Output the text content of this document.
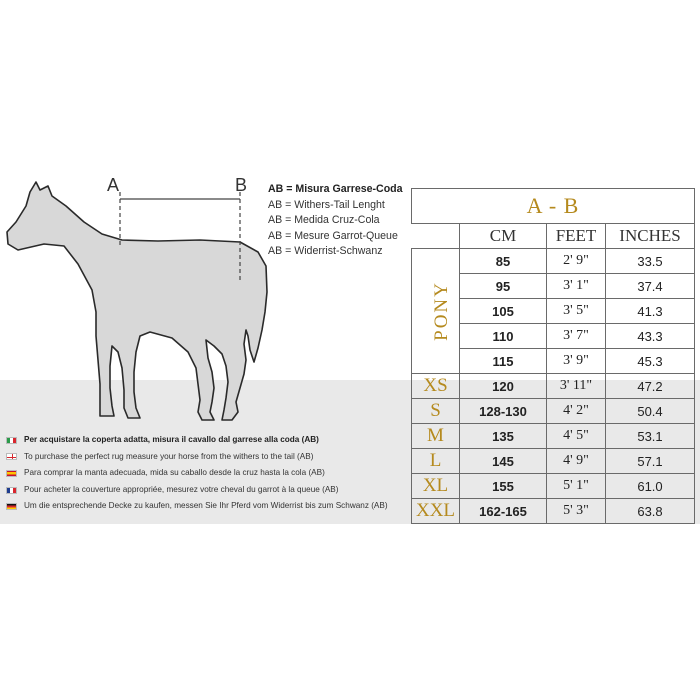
A	B AB = Misura Garrese-Coda
AB = Withers-Tail Lenght
AB = Medida Cruz-Cola
AB = Mesure Garrot-Queue
AB = Widerrist-Schwanz
Per acquistare la coperta adatta, misura il cavallo dal garrese alla coda (AB)
To purchase the perfect rug measure your horse from the withers to the tail (AB)
Para comprar la manta adecuada, mida su caballo desde la cruz hasta la cola (AB)
Pour acheter la couverture appropriée, mesurez votre cheval du garrot à la queue (AB)
Um die entsprechende Decke zu kaufen, messen Sie Ihr Pferd vom Widerrist bis zum Schwanz (AB)
A - B			
	CM	FEET	INCHES
PONY	85	2' 9"	33.5
	95	3' 1"	37.4
	105	3' 5"	41.3
	110	3' 7"	43.3
	115	3' 9"	45.3
XS	120	3' 11"	47.2
S	128-130	4' 2"	50.4
M	135	4' 5"	53.1
L	145	4' 9"	57.1
XL	155	5' 1"	61.0
XXL	162-165	5' 3"	63.8
